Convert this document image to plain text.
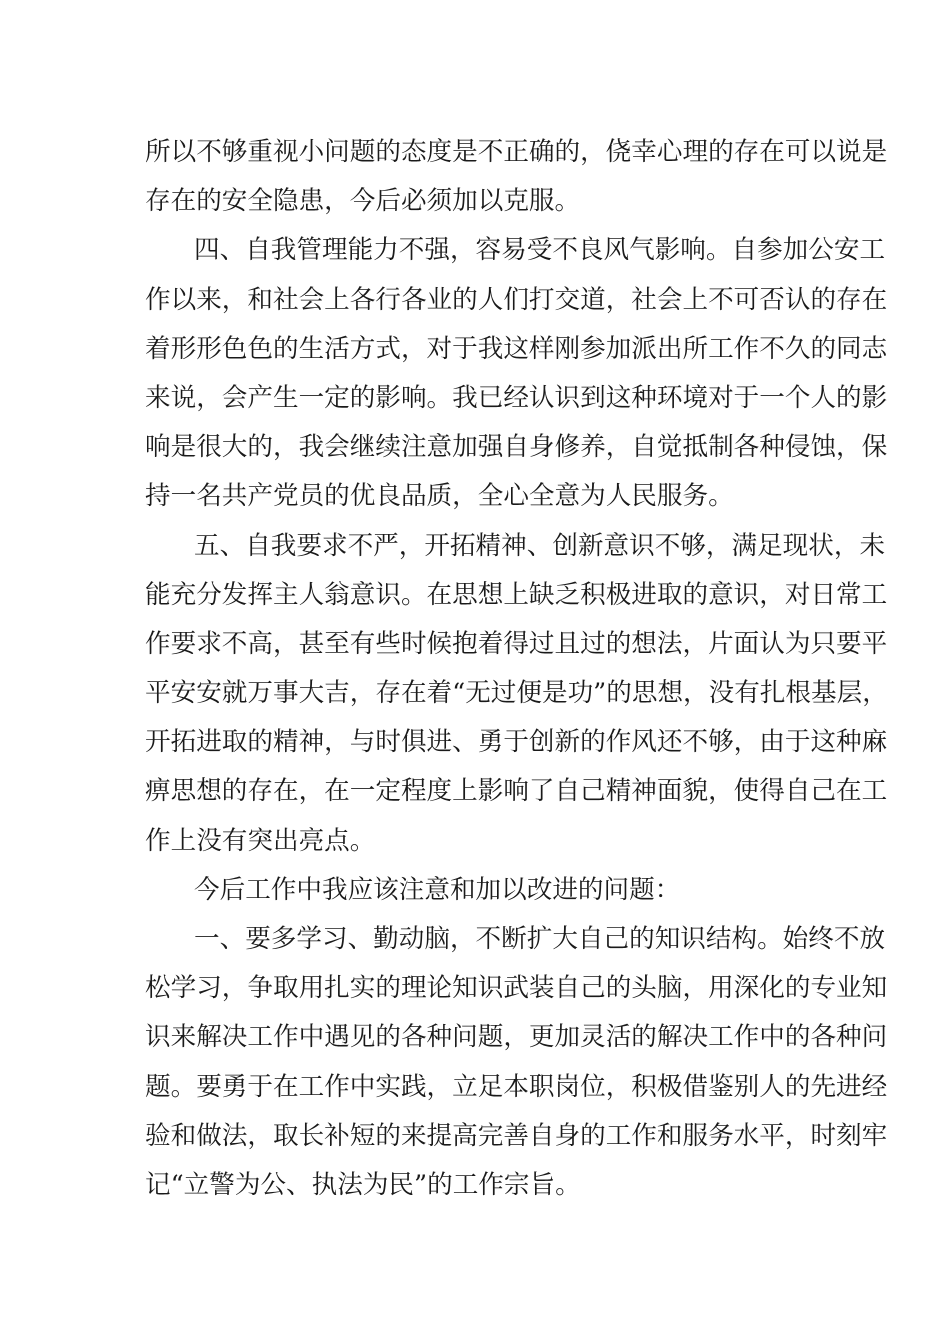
所以不够重视小问题的态度是不正确的，侥幸心理的存在可以说是
存在的安全隐患，今后必须加以克服。
四、自我管理能力不强，容易受不良风气影响。自参加公安工
作以来，和社会上各行各业的人们打交道，社会上不可否认的存在
着形形色色的生活方式，对于我这样刚参加派出所工作不久的同志
来说，会产生一定的影响。我已经认识到这种环境对于一个人的影
响是很大的，我会继续注意加强自身修养，自觉抵制各种侵蚀，保
持一名共产党员的优良品质，全心全意为人民服务。
五、自我要求不严，开拓精神、创新意识不够，满足现状，未
能充分发挥主人翁意识。在思想上缺乏积极进取的意识，对日常工
作要求不高，甚至有些时候抱着得过且过的想法，片面认为只要平
平安安就万事大吉，存在着“无过便是功”的思想，没有扎根基层，
开拓进取的精神，与时俱进、勇于创新的作风还不够，由于这种麻
痹思想的存在，在一定程度上影响了自己精神面貌，使得自己在工
作上没有突出亮点。
今后工作中我应该注意和加以改进的问题：
一、要多学习、勤动脑，不断扩大自己的知识结构。始终不放
松学习，争取用扎实的理论知识武装自己的头脑，用深化的专业知
识来解决工作中遇见的各种问题，更加灵活的解决工作中的各种问
题。要勇于在工作中实践，立足本职岗位，积极借鉴别人的先进经
验和做法，取长补短的来提高完善自身的工作和服务水平，时刻牢
记“立警为公、执法为民”的工作宗旨。
